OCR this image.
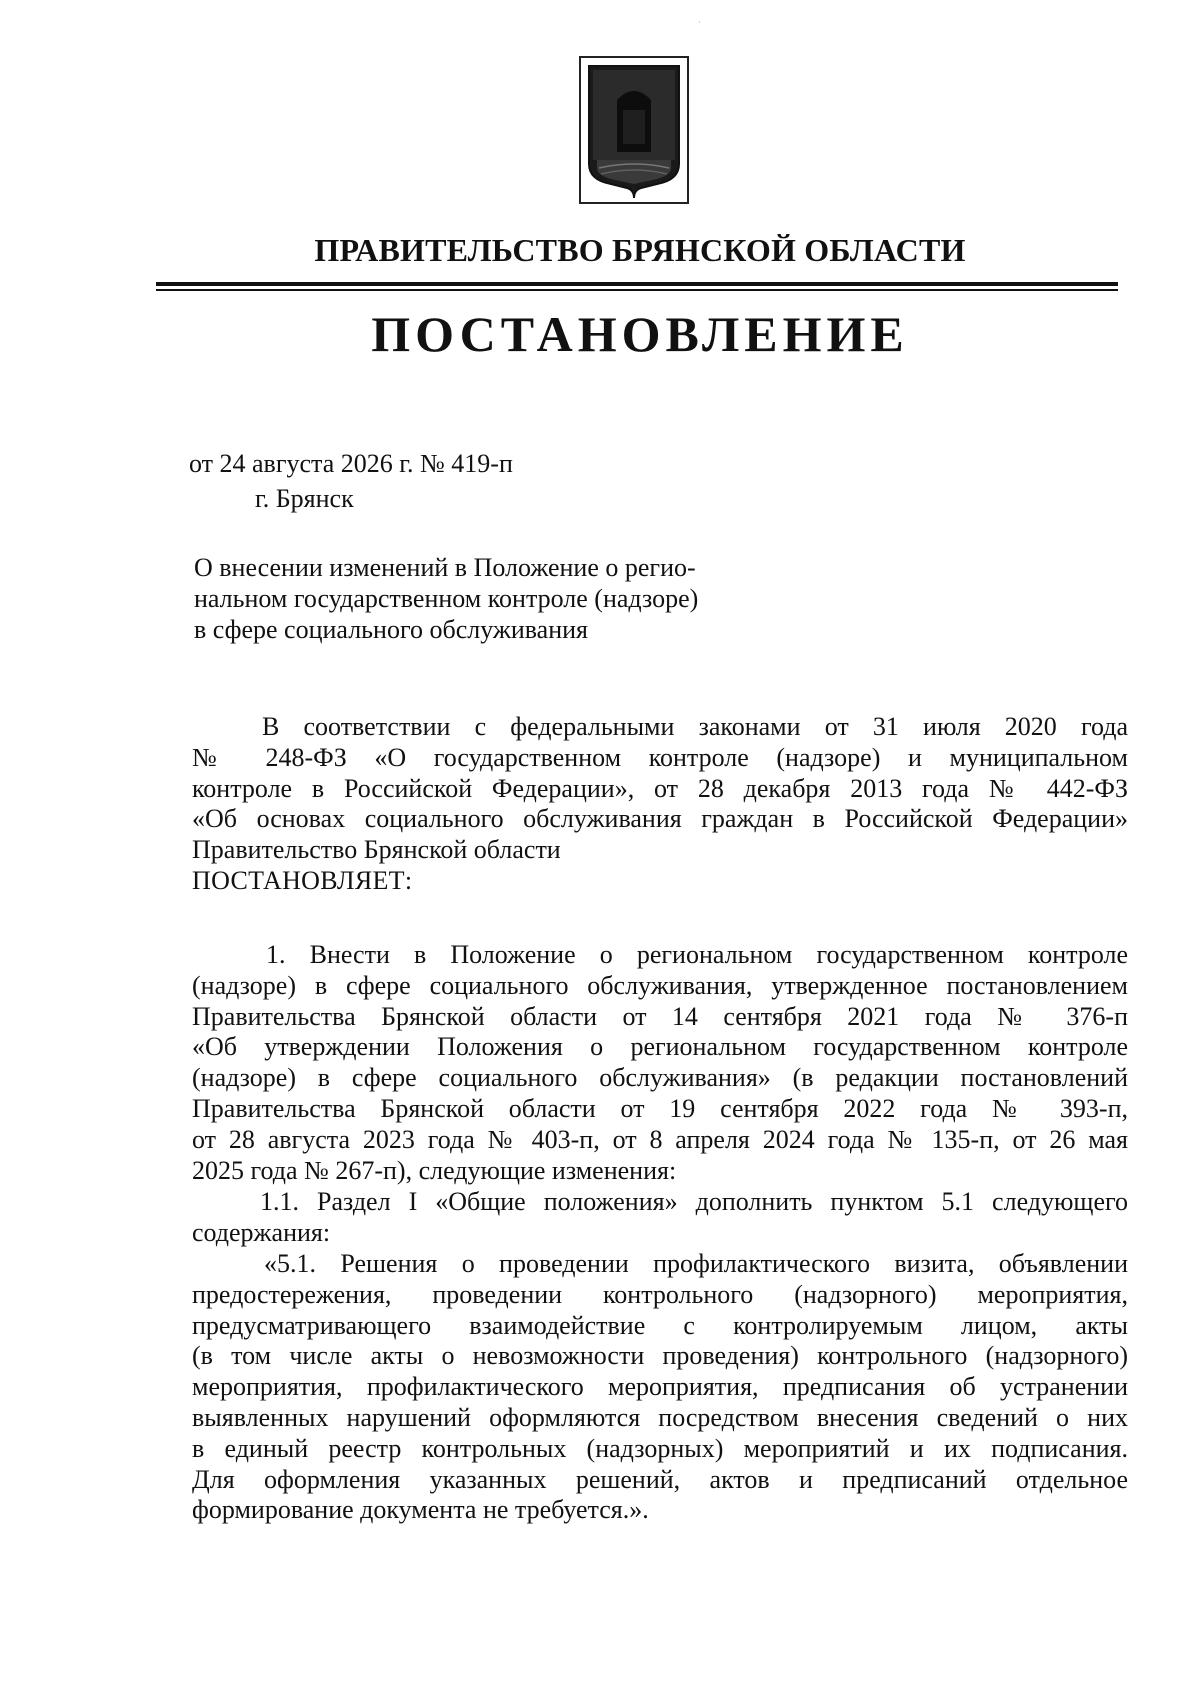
·
ПРАВИТЕЛЬСТВО БРЯНСКОЙ ОБЛАСТИ
ПОСТАНОВЛЕНИЕ
от 24 августа 2026 г. № 419-п
г. Брянск
О внесении изменений в Положение о регио-
нальном государственном контроле (надзоре)
в сфере социального обслуживания
В соответствии с федеральными законами от 31 июля 2020 года
№ 248-ФЗ «О государственном контроле (надзоре) и муниципальном
контроле в Российской Федерации», от 28 декабря 2013 года № 442-ФЗ
«Об основах социального обслуживания граждан в Российской Федерации»
Правительство Брянской области
ПОСТАНОВЛЯЕТ:
1. Внести в Положение о региональном государственном контроле
(надзоре) в сфере социального обслуживания, утвержденное постановлением
Правительства Брянской области от 14 сентября 2021 года № 376-п
«Об утверждении Положения о региональном государственном контроле
(надзоре) в сфере социального обслуживания» (в редакции постановлений
Правительства Брянской области от 19 сентября 2022 года № 393-п,
от 28 августа 2023 года № 403-п, от 8 апреля 2024 года № 135-п, от 26 мая
2025 года № 267-п), следующие изменения:
1.1. Раздел I «Общие положения» дополнить пунктом 5.1 следующего
содержания:
«5.1. Решения о проведении профилактического визита, объявлении
предостережения, проведении контрольного (надзорного) мероприятия,
предусматривающего взаимодействие с контролируемым лицом, акты
(в том числе акты о невозможности проведения) контрольного (надзорного)
мероприятия, профилактического мероприятия, предписания об устранении
выявленных нарушений оформляются посредством внесения сведений о них
в единый реестр контрольных (надзорных) мероприятий и их подписания.
Для оформления указанных решений, актов и предписаний отдельное
формирование документа не требуется.».
